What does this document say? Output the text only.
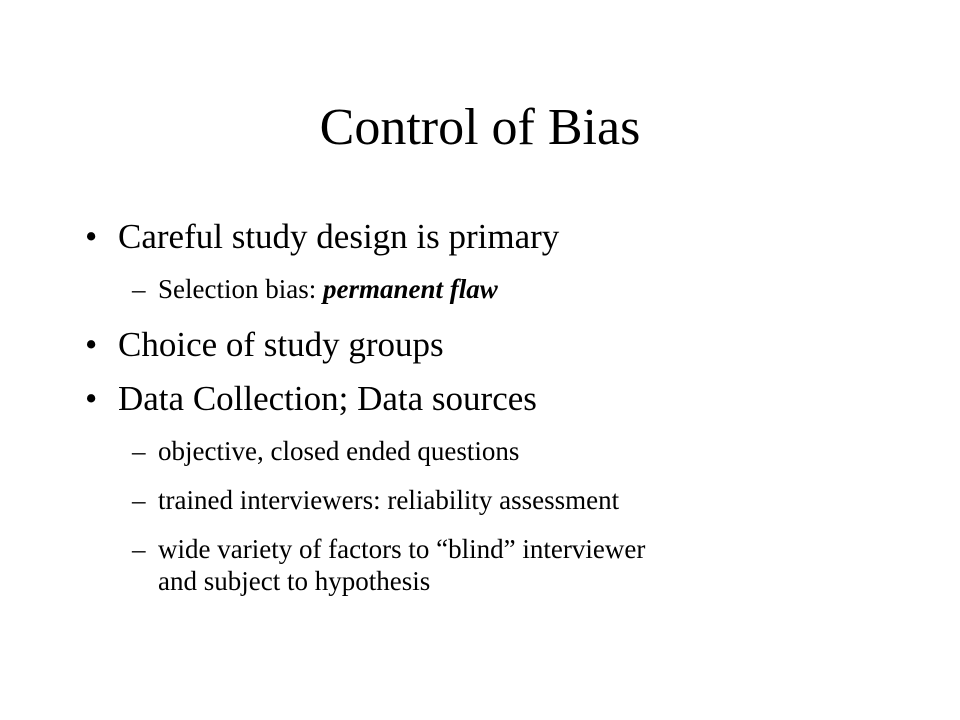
Control of Bias
• Careful study design is primary
– Selection bias: permanent flaw
• Choice of study groups
• Data Collection; Data sources
– objective, closed ended questions
– trained interviewers: reliability assessment
– wide variety of factors to “blind” interviewer
and subject to hypothesis
